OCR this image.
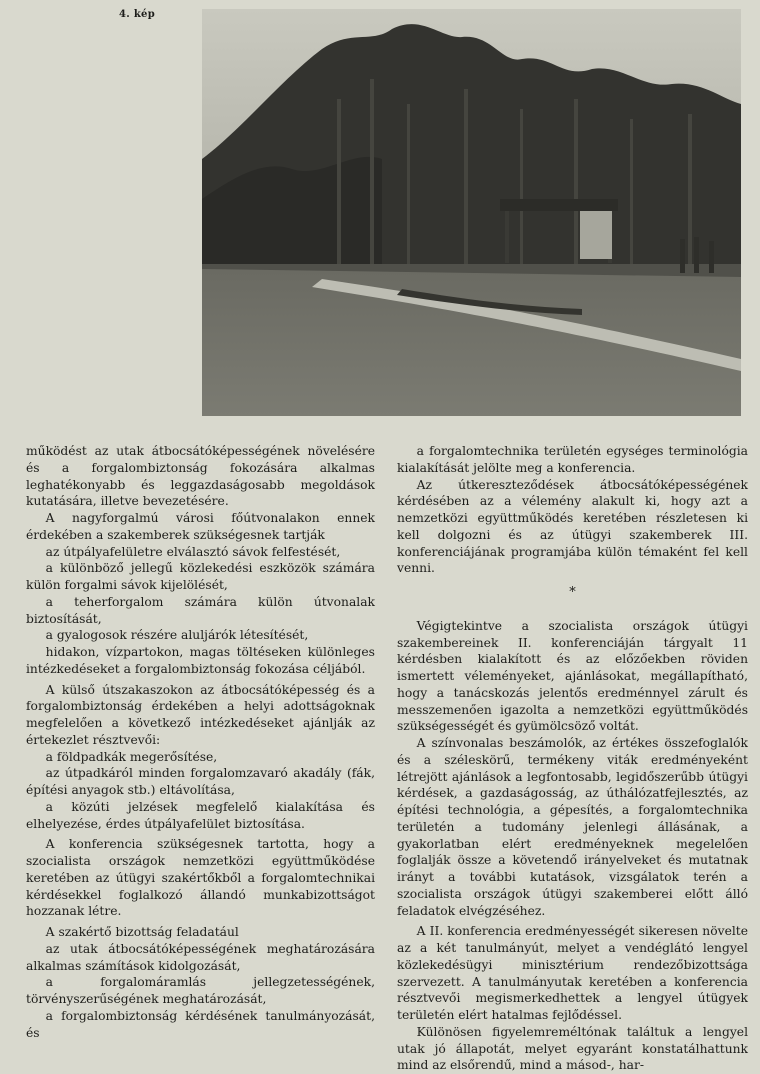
4. kép

működést az utak átbocsátóképességének növelésére és a forgalombiztonság fokozására alkalmas leghatékonyabb és leggazdaságosabb megoldások kutatására, illetve bevezetésére.

A nagyforgalmú városi főútvonalakon ennek érdekében a szakemberek szükségesnek tartják

az útpályafelületre elválasztó sávok felfestését,

a különböző jellegű közlekedési eszközök számára külön forgalmi sávok kijelölését,

a teherforgalom számára külön útvonalak biztosítását,

a gyalogosok részére aluljárók létesítését,

hidakon, vízpartokon, magas töltéseken különleges intézkedéseket a forgalombiztonság fokozása céljából.

A külső útszakaszokon az átbocsátóképesség és a forgalombiztonság érdekében a helyi adottságoknak megfelelően a következő intézkedéseket ajánlják az értekezlet résztvevői:

a földpadkák megerősítése,

az útpadkáról minden forgalomzavaró akadály (fák, építési anyagok stb.) eltávolítása,

a közúti jelzések megfelelő kialakítása és elhelyezése, érdes útpályafelület biztosítása.

A konferencia szükségesnek tartotta, hogy a szocialista országok nemzetközi együttműködése keretében az útügyi szakértőkből a forgalomtechnikai kérdésekkel foglalkozó állandó munkabizottságot hozzanak létre.

A szakértő bizottság feladatául

az utak átbocsátóképességének meghatározására alkalmas számítások kidolgozását,

a forgalomáramlás jellegzetességének, törvényszerűségének meghatározását,

a forgalombiztonság kérdésének tanulmányozását, és

a forgalomtechnika területén egységes terminológia kialakítását jelölte meg a konferencia.

Az útkereszteződések átbocsátóképességének kérdésében az a vélemény alakult ki, hogy azt a nemzetközi együttműködés keretében részletesen ki kell dolgozni és az útügyi szakemberek III. konferenciájának programjába külön témaként fel kell venni.

*

Végigtekintve a szocialista országok útügyi szakembereinek II. konferenciáján tárgyalt 11 kérdésben kialakított és az előzőekben röviden ismertett véleményeket, ajánlásokat, megállapítható, hogy a tanácskozás jelentős eredménnyel zárult és messzemenően igazolta a nemzetközi együttműködés szükségességét és gyümölcsöző voltát.

A színvonalas beszámolók, az értékes összefoglalók és a széleskörű, termékeny viták eredményeként létrejött ajánlások a legfontosabb, legidőszerűbb útügyi kérdések, a gazdaságosság, az úthálózatfejlesztés, az építési technológia, a gépesítés, a forgalomtechnika területén a tudomány jelenlegi állásának, a gyakorlatban elért eredményeknek megelelően foglalják össze a követendő irányelveket és mutatnak irányt a további kutatások, vizsgálatok terén a szocialista országok útügyi szakemberei előtt álló feladatok elvégzéséhez.

A II. konferencia eredményességét sikeresen növelte az a két tanulmányút, melyet a vendéglátó lengyel közlekedésügyi minisztérium rendezőbizottsága szervezett. A tanulmányutak keretében a konferencia résztvevői megismerkedhettek a lengyel útügyek területén elért hatalmas fejlődéssel.

Különösen figyelemreméltónak találtuk a lengyel utak jó állapotát, melyet egyaránt konstatálhattunk mind az elsőrendű, mind a másod-, har-
